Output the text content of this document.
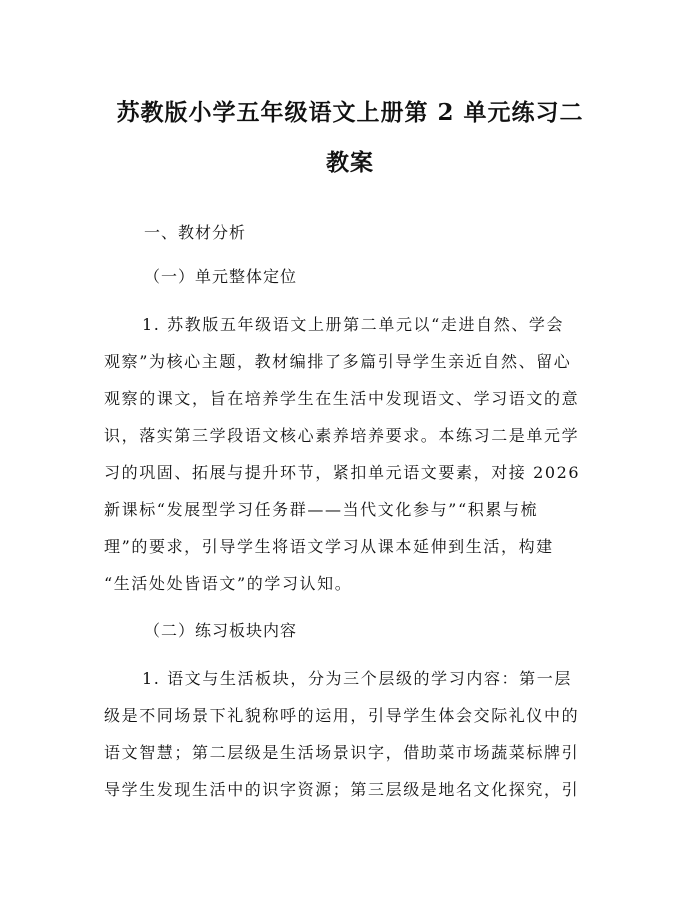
苏教版小学五年级语文上册第 2 单元练习二
教案
一、教材分析
（一）单元整体定位
1. 苏教版五年级语文上册第二单元以“走进自然、学会
观察”为核心主题，教材编排了多篇引导学生亲近自然、留心
观察的课文，旨在培养学生在生活中发现语文、学习语文的意
识，落实第三学段语文核心素养培养要求。本练习二是单元学
习的巩固、拓展与提升环节，紧扣单元语文要素，对接 2026
新课标“发展型学习任务群——当代文化参与”“积累与梳
理”的要求，引导学生将语文学习从课本延伸到生活，构建
“生活处处皆语文”的学习认知。
（二）练习板块内容
1. 语文与生活板块，分为三个层级的学习内容：第一层
级是不同场景下礼貌称呼的运用，引导学生体会交际礼仪中的
语文智慧；第二层级是生活场景识字，借助菜市场蔬菜标牌引
导学生发现生活中的识字资源；第三层级是地名文化探究，引
